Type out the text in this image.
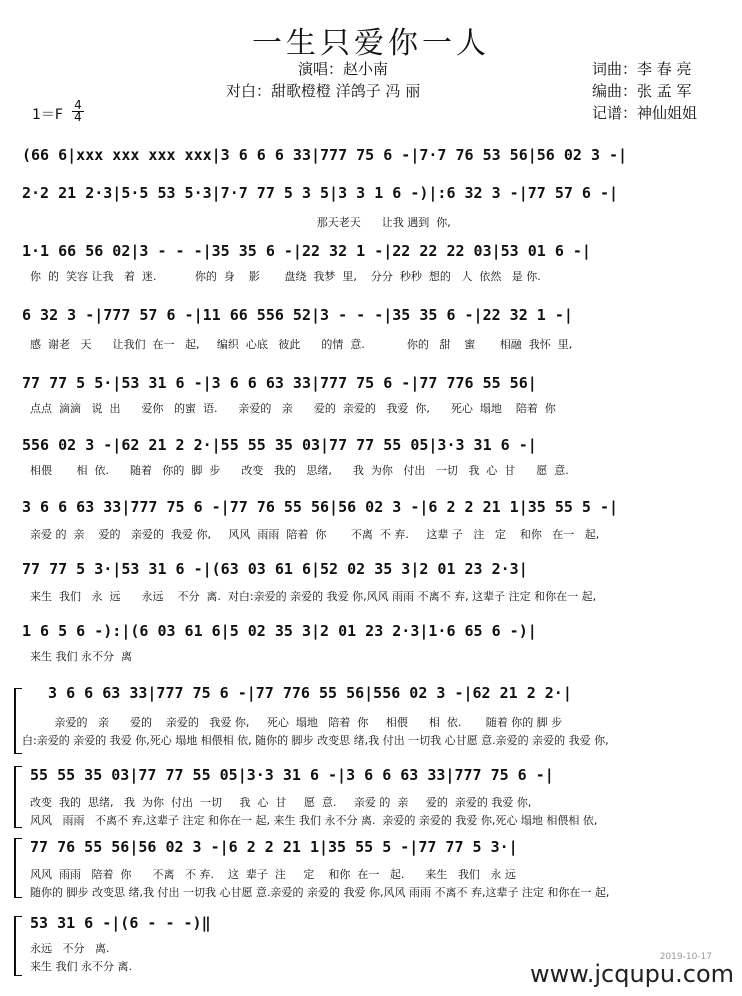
一生只爱你一人
演唱：赵小南
对白：甜歌橙橙 洋鸽子 冯 丽
词曲：李 春 亮
编曲：张 孟 军
记谱：神仙姐姐
1＝F
4
4
(66 6|xxx xxx xxx xxx|3 6 6 6 33|777 75 6 -|7·7 76 53 56|56 02 3 -|
2·2 21 2·3|5·5 53 5·3|7·7 77 5 3 5|3 3 1 6 -)|:6 32 3 -|77 57 6 -|
那天老天      让我 遇到  你,
1·1 66 56 02|3 - - -|35 35 6 -|22 32 1 -|22 22 22 03|53 01 6 -|
你  的  笑容 让我   着  迷.           你的  身    影       盘绕  我梦  里,    分分  秒秒  想的   人  依然   是 你.
6 32 3 -|777 57 6 -|11 66 556 52|3 - - -|35 35 6 -|22 32 1 -|
感  谢老   天      让我们  在一   起,     编织  心底   彼此      的情  意.            你的   甜    蜜       相融  我怀  里,
77 77 5 5·|53 31 6 -|3 6 6 63 33|777 75 6 -|77 776 55 56|
点点  滴滴   说  出      爱你   的蜜  语.      亲爱的   亲      爱的  亲爱的   我爱  你,      死心  塌地    陪着  你
556 02 3 -|62 21 2 2·|55 55 35 03|77 77 55 05|3·3 31 6 -|
相偎       相  依.      随着   你的  脚  步      改变   我的   思绪,      我  为你   付出   一切   我  心  甘      愿  意.
3 6 6 63 33|777 75 6 -|77 76 55 56|56 02 3 -|6 2 2 21 1|35 55 5 -|
亲爱 的  亲    爱的   亲爱的  我爱 你,     风风  雨雨  陪着  你       不离  不 弃.     这辈 子   注   定    和你   在一   起,
77 77 5 3·|53 31 6 -|(63 03 61 6|52 02 35 3|2 01 23 2·3|
来生  我们   永  远      永远    不分  离.  对白:亲爱的 亲爱的 我爱 你,风风 雨雨 不离不 弃, 这辈子 注定 和你在一 起,
1 6 5 6 -):|(6 03 61 6|5 02 35 3|2 01 23 2·3|1·6 65 6 -)|
来生 我们 永不分  离
3 6 6 63 33|777 75 6 -|77 776 55 56|556 02 3 -|62 21 2 2·|
亲爱的   亲      爱的    亲爱的   我爱 你,     死心  塌地   陪着  你     相偎      相  依.       随着 你的 脚 步
白:亲爱的 亲爱的 我爱 你,死心 塌地 相偎相 依, 随你的 脚步 改变思 绪,我 付出 一切我 心甘愿 意.亲爱的 亲爱的 我爱 你,
55 55 35 03|77 77 55 05|3·3 31 6 -|3 6 6 63 33|777 75 6 -|
改变  我的  思绪,   我  为你  付出  一切     我  心  甘     愿  意.     亲爱 的  亲     爱的  亲爱的 我爱 你,
风风   雨雨   不离不 弃,这辈子 注定 和你在一 起, 来生 我们 永不分 离.  亲爱的 亲爱的 我爱 你,死心 塌地 相偎相 依,
77 76 55 56|56 02 3 -|6 2 2 21 1|35 55 5 -|77 77 5 3·|
风风  雨雨   陪着  你      不离   不 弃.    这  辈子  注     定    和你  在一   起.      来生   我们   永 远
随你的 脚步 改变思 绪,我 付出 一切我 心甘愿 意.亲爱的 亲爱的 我爱 你,风风 雨雨 不离不 弃,这辈子 注定 和你在一 起,
53 31 6 -|(6 - - -)‖
永远   不分   离.
来生 我们 永不分 离.
2019-10-17
www.jcqupu.com
